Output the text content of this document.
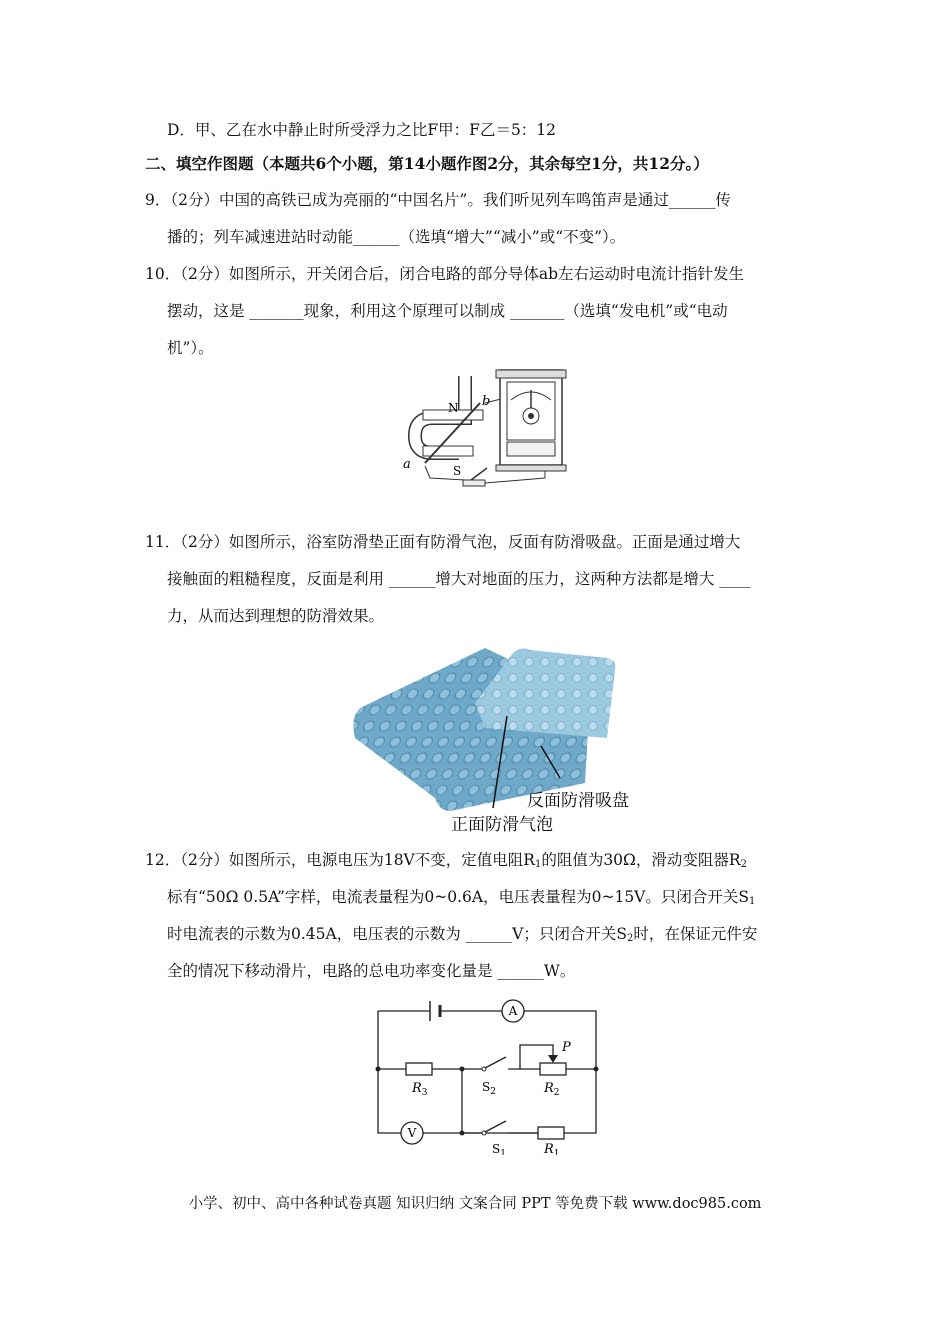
D．甲、乙在水中静止时所受浮力之比F甲：F乙＝5：12
二、填空作图题（本题共6个小题，第14小题作图2分，其余每空1分，共12分。）
9．（2分）中国的高铁已成为亮丽的“中国名片”。我们听见列车鸣笛声是通过______传
播的；列车减速进站时动能______（选填“增大”“减小”或“不变”）。
10．（2分）如图所示，开关闭合后，闭合电路的部分导体ab左右运动时电流计指针发生
摆动，这是 _______现象，利用这个原理可以制成 _______（选填“发电机”或“电动
机”）。
N
S
a
b
11．（2分）如图所示，浴室防滑垫正面有防滑气泡，反面有防滑吸盘。正面是通过增大
接触面的粗糙程度，反面是利用 ______增大对地面的压力，这两种方法都是增大 ____
力，从而达到理想的防滑效果。
反面防滑吸盘
正面防滑气泡
12．（2分）如图所示，电源电压为18V不变，定值电阻$R_1$的阻值为30Ω，滑动变阻器$R_2$
标有“50Ω 0.5A”字样，电流表量程为0~0.6A，电压表量程为0~15V。只闭合开关$S_1$
时电流表的示数为0.45A，电压表的示数为 ______V；只闭合开关$S_2$时，在保证元件安
全的情况下移动滑片，电路的总电功率变化量是 ______W。
A
V
$R_3$	$S_2$
P
$R_2$
$S_1$	$R_1$
小学、初中、高中各种试卷真题 知识归纳 文案合同 PPT 等免费下载 www.doc985.com
